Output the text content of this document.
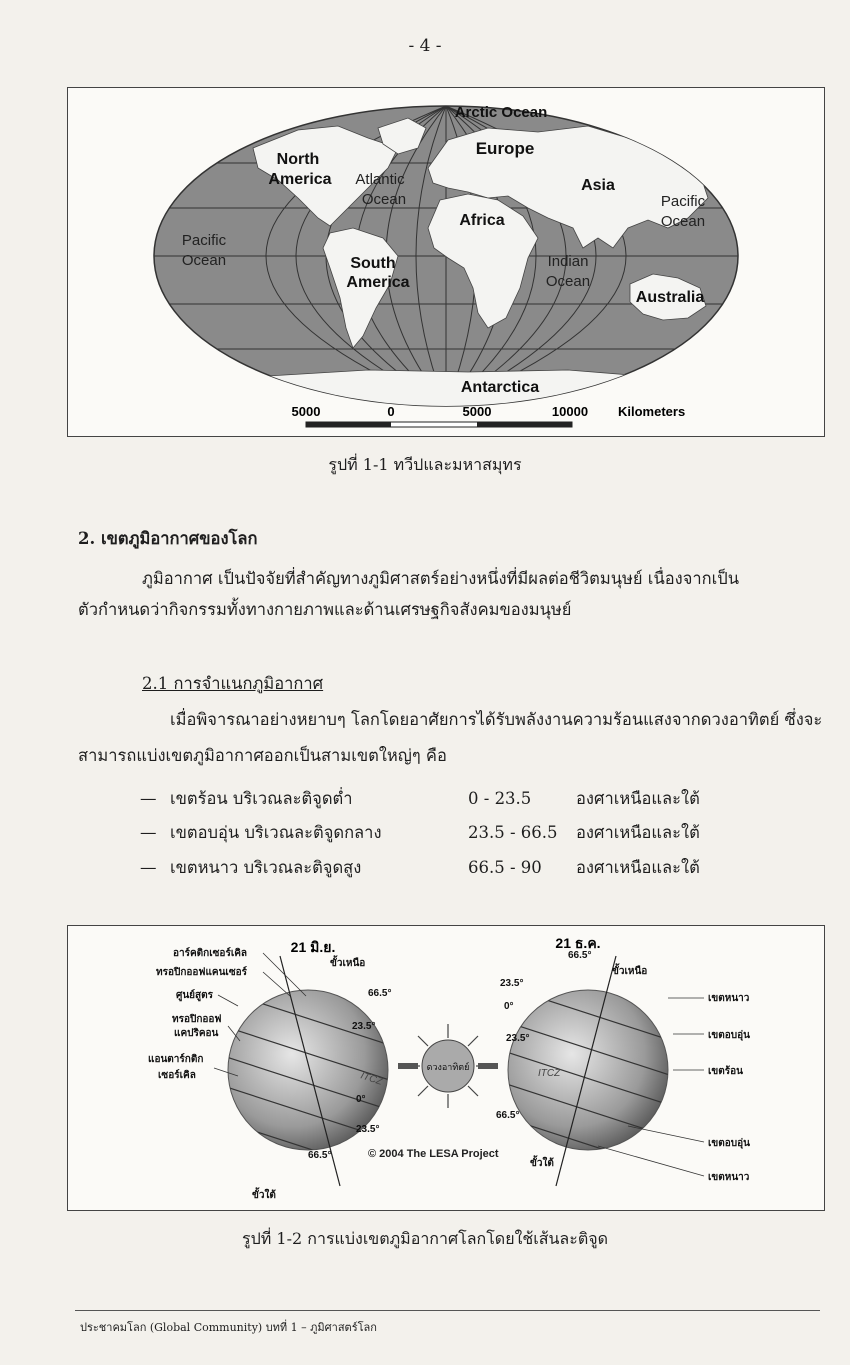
- 4 -
Arctic Ocean
Europe
North
America Atlantic
Ocean
Asia
Pacific
Ocean
Pacific
Ocean
Africa
South
America
Indian
Ocean
Australia
Antarctica
5000	0	5000	10000 Kilometers
รูปที่ 1-1 ทวีปและมหาสมุทร
2. เขตภูมิอากาศของโลก
ภูมิอากาศ เป็นปัจจัยที่สำคัญทางภูมิศาสตร์อย่างหนึ่งที่มีผลต่อชีวิตมนุษย์ เนื่องจากเป็น
ตัวกำหนดว่ากิจกรรมทั้งทางกายภาพและด้านเศรษฐกิจสังคมของมนุษย์
2.1 การจำแนกภูมิอากาศ
เมื่อพิจารณาอย่างหยาบๆ โลกโดยอาศัยการได้รับพลังงานความร้อนแสงจากดวงอาทิตย์ ซึ่งจะ
สามารถแบ่งเขตภูมิอากาศออกเป็นสามเขตใหญ่ๆ คือ
— เขตร้อน บริเวณละติจูดต่ำ	0 - 23.5	องศาเหนือและใต้
— เขตอบอุ่น บริเวณละติจูดกลาง	23.5 - 66.5 องศาเหนือและใต้
— เขตหนาว บริเวณละติจูดสูง	66.5 - 90 องศาเหนือและใต้
ITCZ	ITCZ
ดวงอาทิตย์
21 มิ.ย.	21 ธ.ค.
อาร์คติกเซอร์เคิล
ทรอปิกออฟแคนเซอร์
ศูนย์สูตร
ทรอปิกออฟ
แคปริคอน
แอนตาร์กติก
เซอร์เคิล
ขั้วเหนือ
ขั้วใต้
66.5°
23.5°
0°
23.5°
66.5°
66.5°
ขั้วเหนือ
23.5°
0°
23.5°
66.5°
ขั้วใต้
เขตหนาว
เขตอบอุ่น
เขตร้อน
เขตอบอุ่น
เขตหนาว
© 2004 The LESA Project
รูปที่ 1-2 การแบ่งเขตภูมิอากาศโลกโดยใช้เส้นละติจูด
ประชาคมโลก (Global Community) บทที่ 1 – ภูมิศาสตร์โลก
